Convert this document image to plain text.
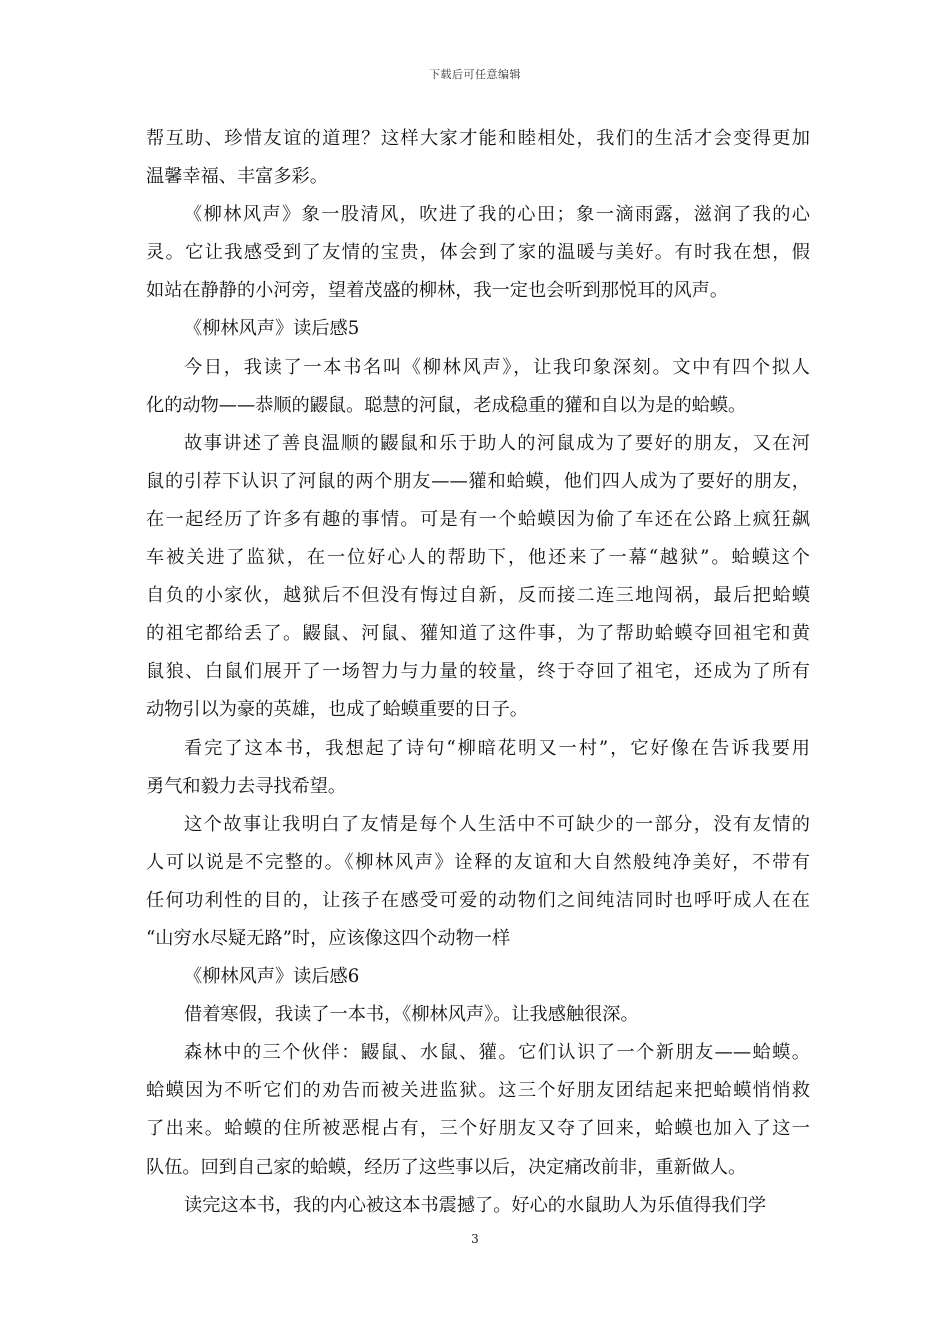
下载后可任意编辑
帮互助、珍惜友谊的道理？这样大家才能和睦相处，我们的生活才会变得更加
温馨幸福、丰富多彩。
《柳林风声》象一股清风，吹进了我的心田；象一滴雨露，滋润了我的心
灵。它让我感受到了友情的宝贵，体会到了家的温暖与美好。有时我在想，假
如站在静静的小河旁，望着茂盛的柳林，我一定也会听到那悦耳的风声。
《柳林风声》读后感5
今日，我读了一本书名叫《柳林风声》，让我印象深刻。文中有四个拟人
化的动物——恭顺的鼹鼠。聪慧的河鼠，老成稳重的獾和自以为是的蛤蟆。
故事讲述了善良温顺的鼹鼠和乐于助人的河鼠成为了要好的朋友，又在河
鼠的引荐下认识了河鼠的两个朋友——獾和蛤蟆，他们四人成为了要好的朋友，
在一起经历了许多有趣的事情。可是有一个蛤蟆因为偷了车还在公路上疯狂飙
车被关进了监狱，在一位好心人的帮助下，他还来了一幕“越狱”。蛤蟆这个
自负的小家伙，越狱后不但没有悔过自新，反而接二连三地闯祸，最后把蛤蟆
的祖宅都给丢了。鼹鼠、河鼠、獾知道了这件事，为了帮助蛤蟆夺回祖宅和黄
鼠狼、白鼠们展开了一场智力与力量的较量，终于夺回了祖宅，还成为了所有
动物引以为豪的英雄，也成了蛤蟆重要的日子。
看完了这本书，我想起了诗句“柳暗花明又一村”，它好像在告诉我要用
勇气和毅力去寻找希望。
这个故事让我明白了友情是每个人生活中不可缺少的一部分，没有友情的
人可以说是不完整的。《柳林风声》诠释的友谊和大自然般纯净美好，不带有
任何功利性的目的，让孩子在感受可爱的动物们之间纯洁同时也呼吁成人在在
“山穷水尽疑无路”时，应该像这四个动物一样
《柳林风声》读后感6
借着寒假，我读了一本书，《柳林风声》。让我感触很深。
森林中的三个伙伴：鼹鼠、水鼠、獾。它们认识了一个新朋友——蛤蟆。
蛤蟆因为不听它们的劝告而被关进监狱。这三个好朋友团结起来把蛤蟆悄悄救
了出来。蛤蟆的住所被恶棍占有，三个好朋友又夺了回来，蛤蟆也加入了这一
队伍。回到自己家的蛤蟆，经历了这些事以后，决定痛改前非，重新做人。
读完这本书，我的内心被这本书震撼了。好心的水鼠助人为乐值得我们学
3
